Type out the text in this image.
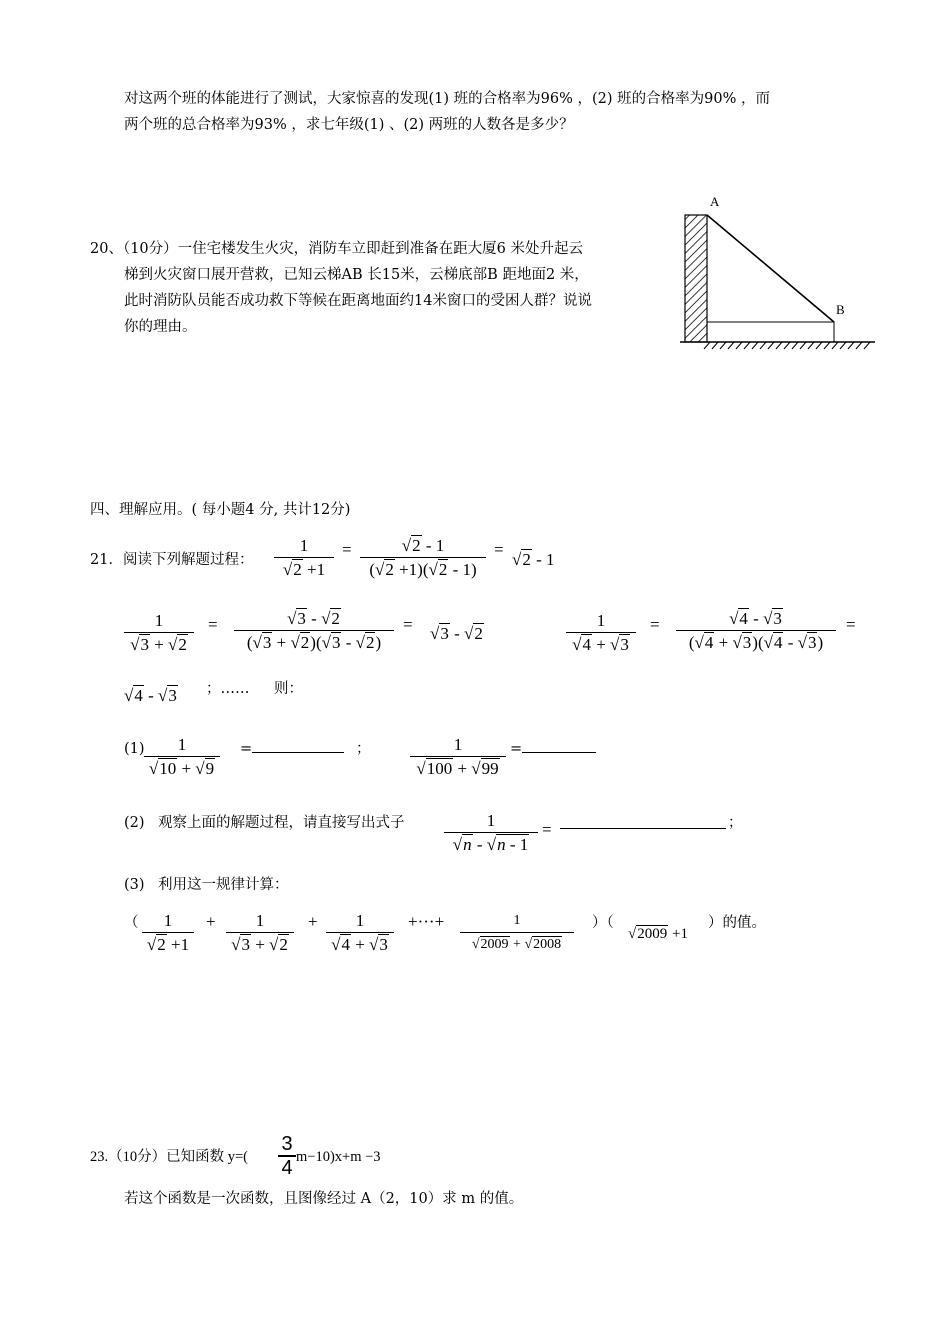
对这两个班的体能进行了测试，大家惊喜的发现(1) 班的合格率为96% ，(2) 班的合格率为90% ，而
两个班的总合格率为93% ，求七年级(1) 、(2) 两班的人数各是多少？
20、（10分）一住宅楼发生火灾，消防车立即赶到准备在距大厦6 米处升起云
梯到火灾窗口展开营救，已知云梯AB 长15米，云梯底部B 距地面2 米，
此时消防队员能否成功救下等候在距离地面约14米窗口的受困人群？说说
你的理由。
A
B
四、理解应用。( 每小题4 分, 共计12分)
21．阅读下列解题过程：
1
√2 +1
=	√2 - 1
(√2 +1)(√2 - 1)
=
√2 - 1
1
√3 + √2
=	√3 - √2
(√3 + √2)(√3 - √2)
= √3 - √2
1
√4 + √3
=	√4 - √3
(√4 + √3)(√4 - √3)
=
√4 - √3 ；…… 则：
(1)	1
√10 + √9
=	；	1
√100 + √99
=
(2) 观察上面的解题过程，请直接写出式子	1
√n - √n - 1
=	；
(3) 利用这一规律计算：
（	1
√2 +1
+	1
√3 + √2
+	1
√4 + √3
+···+	1
√2009 + √2008
）（
√2009 +1
）的值。
23.（10分）已知函数 y=(
3
4 m−10)x+m −3
若这个函数是一次函数，且图像经过 A（2，10）求 m 的值。
